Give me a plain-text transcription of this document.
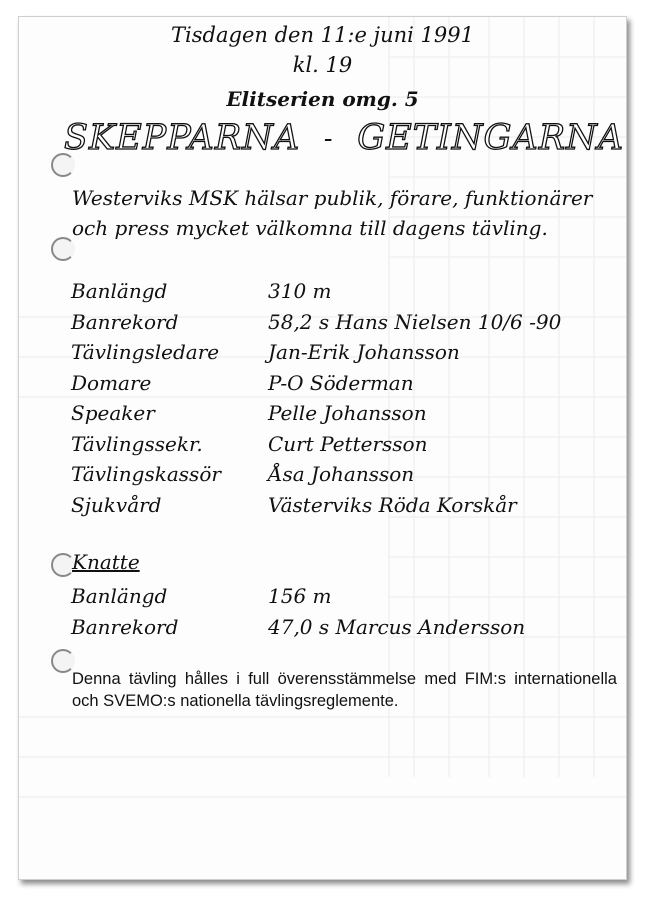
Tisdagen den 11:e juni 1991
kl. 19
Elitserien omg. 5
SKEPPARNA - GETINGARNA
Westerviks MSK hälsar publik, förare, funktionärer
och press mycket välkomna till dagens tävling.
Banlängd	310 m
Banrekord	58,2 s Hans Nielsen 10/6 -90
Tävlingsledare	Jan-Erik Johansson
Domare	P-O Söderman
Speaker	Pelle Johansson
Tävlingssekr.	Curt Pettersson
Tävlingskassör	Åsa Johansson
Sjukvård	Västerviks Röda Korskår
Knatte
Banlängd	156 m
Banrekord	47,0 s Marcus Andersson
Denna tävling hålles i full överensstämmelse med FIM:s internationella och SVEMO:s nationella tävlingsreglemente.
